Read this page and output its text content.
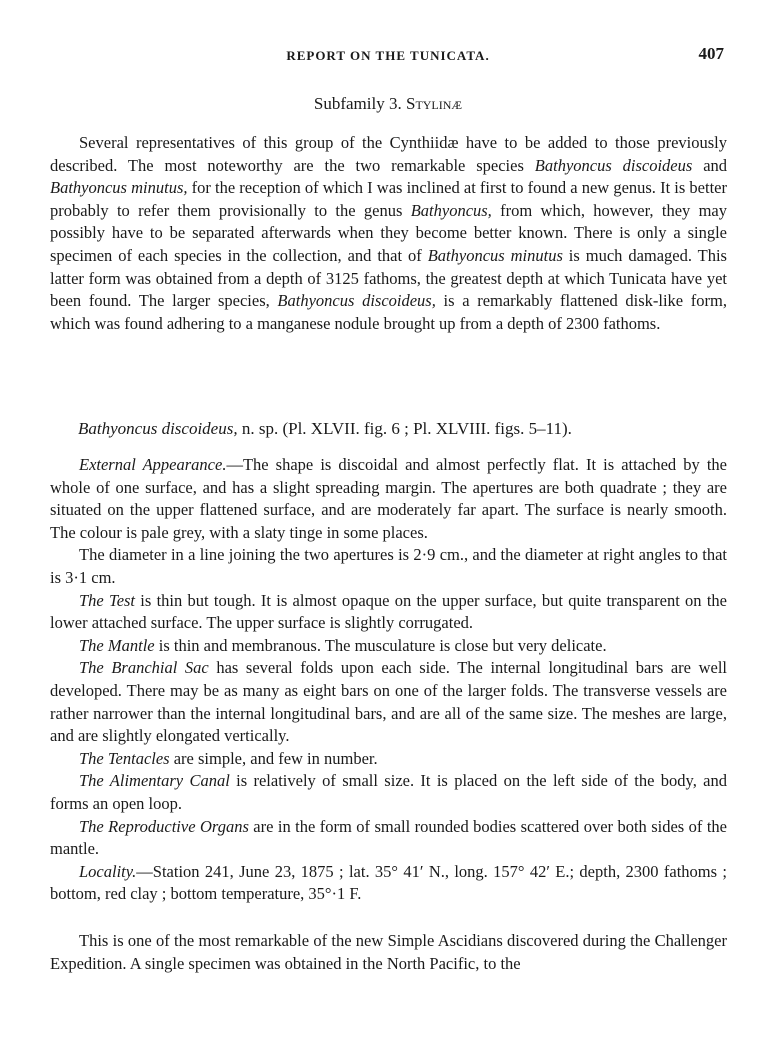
REPORT ON THE TUNICATA.	407
Subfamily 3. Stylinæ

Several representatives of this group of the Cynthiidæ have to be added to those previously described. The most noteworthy are the two remarkable species Bathyoncus discoideus and Bathyoncus minutus, for the reception of which I was inclined at first to found a new genus. It is better probably to refer them provisionally to the genus Bathyoncus, from which, however, they may possibly have to be separated afterwards when they become better known. There is only a single specimen of each species in the collection, and that of Bathyoncus minutus is much damaged. This latter form was obtained from a depth of 3125 fathoms, the greatest depth at which Tunicata have yet been found. The larger species, Bathyoncus discoideus, is a remarkably flattened disk-like form, which was found adhering to a manganese nodule brought up from a depth of 2300 fathoms.

Bathyoncus discoideus, n. sp. (Pl. XLVII. fig. 6 ; Pl. XLVIII. figs. 5–11).

External Appearance.—The shape is discoidal and almost perfectly flat. It is attached by the whole of one surface, and has a slight spreading margin. The apertures are both quadrate ; they are situated on the upper flattened surface, and are moderately far apart. The surface is nearly smooth. The colour is pale grey, with a slaty tinge in some places.

The diameter in a line joining the two apertures is 2·9 cm., and the diameter at right angles to that is 3·1 cm.

The Test is thin but tough. It is almost opaque on the upper surface, but quite transparent on the lower attached surface. The upper surface is slightly corrugated.

The Mantle is thin and membranous. The musculature is close but very delicate.

The Branchial Sac has several folds upon each side. The internal longitudinal bars are well developed. There may be as many as eight bars on one of the larger folds. The transverse vessels are rather narrower than the internal longitudinal bars, and are all of the same size. The meshes are large, and are slightly elongated vertically.

The Tentacles are simple, and few in number.

The Alimentary Canal is relatively of small size. It is placed on the left side of the body, and forms an open loop.

The Reproductive Organs are in the form of small rounded bodies scattered over both sides of the mantle.

Locality.—Station 241, June 23, 1875 ; lat. 35° 41′ N., long. 157° 42′ E.; depth, 2300 fathoms ; bottom, red clay ; bottom temperature, 35°·1 F.

This is one of the most remarkable of the new Simple Ascidians discovered during the Challenger Expedition. A single specimen was obtained in the North Pacific, to the
